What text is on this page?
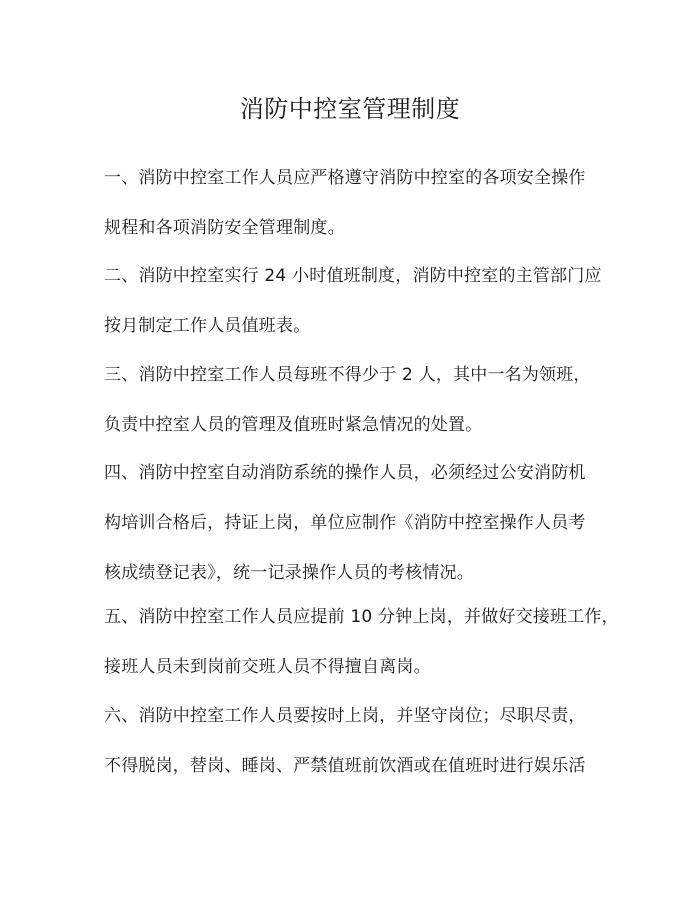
消防中控室管理制度
一、消防中控室工作人员应严格遵守消防中控室的各项安全操作
规程和各项消防安全管理制度。
二、消防中控室实行 24 小时值班制度，消防中控室的主管部门应
按月制定工作人员值班表。
三、消防中控室工作人员每班不得少于 2 人，其中一名为领班，
负责中控室人员的管理及值班时紧急情况的处置。
四、消防中控室自动消防系统的操作人员，必须经过公安消防机
构培训合格后，持证上岗，单位应制作《消防中控室操作人员考
核成绩登记表》，统一记录操作人员的考核情况。
五、消防中控室工作人员应提前 10 分钟上岗，并做好交接班工作，
接班人员未到岗前交班人员不得擅自离岗。
六、消防中控室工作人员要按时上岗，并坚守岗位；尽职尽责，
不得脱岗，替岗、睡岗、严禁值班前饮酒或在值班时进行娱乐活
